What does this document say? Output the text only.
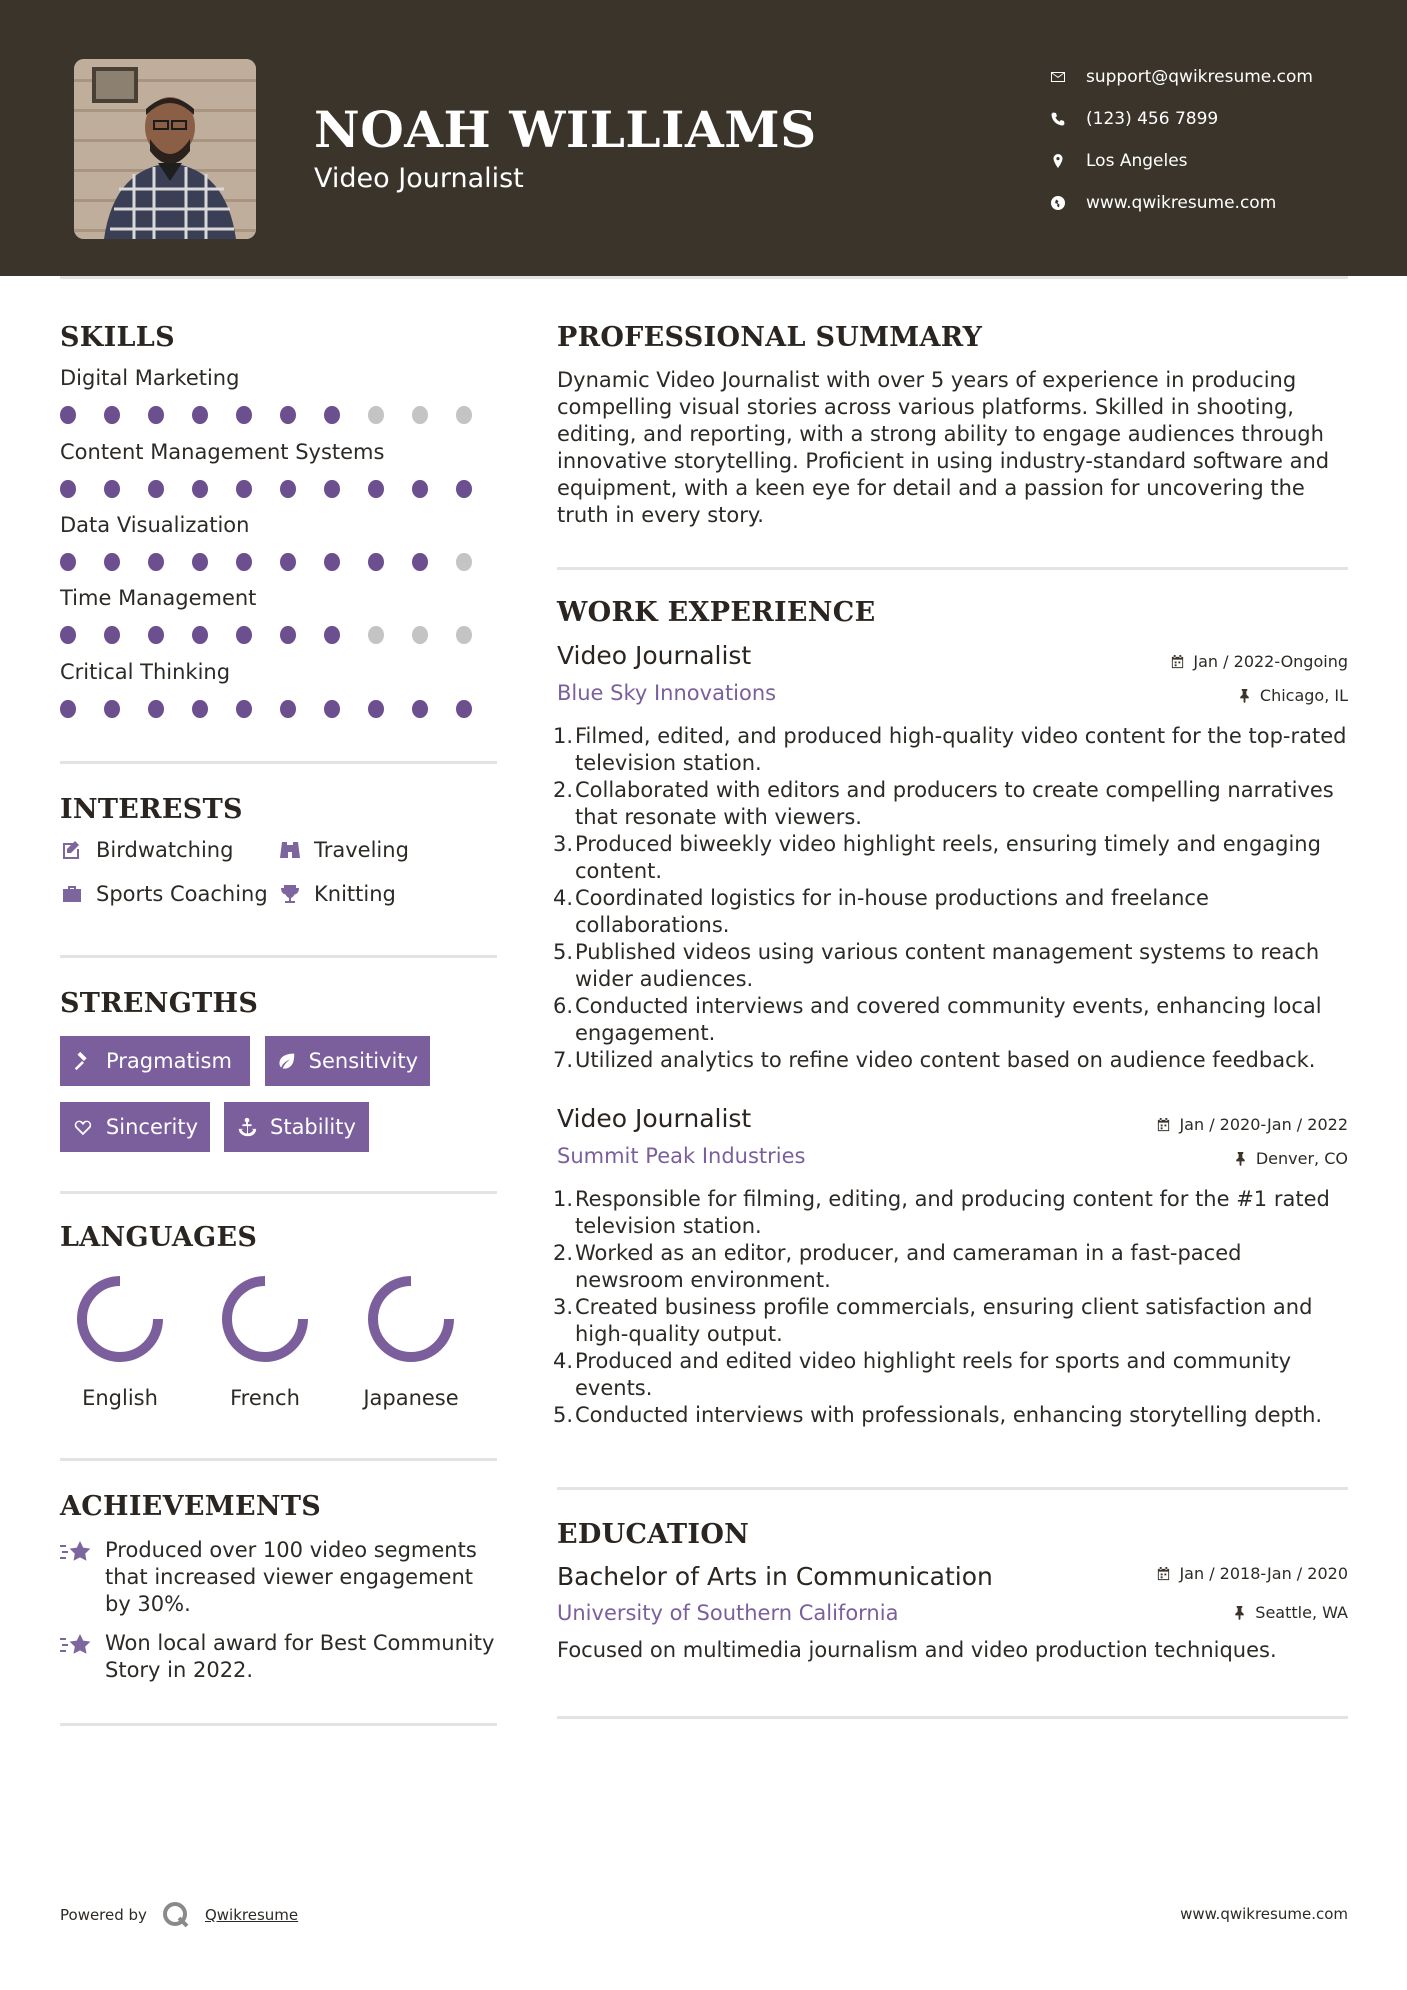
NOAH WILLIAMS
Video Journalist
support@qwikresume.com
(123) 456 7899
Los Angeles
www.qwikresume.com
SKILLS
Digital Marketing
Content Management Systems
Data Visualization
Time Management
Critical Thinking
INTERESTS
Birdwatching	Traveling
Sports Coaching Knitting
STRENGTHS
Pragmatism	Sensitivity
Sincerity	Stability
LANGUAGES
English	French	Japanese
ACHIEVEMENTS
Produced over 100 video segments that increased viewer engagement by 30%.
Won local award for Best Community Story in 2022.
PROFESSIONAL SUMMARY
Dynamic Video Journalist with over 5 years of experience in producing compelling visual stories across various platforms. Skilled in shooting, editing, and reporting, with a strong ability to engage audiences through innovative storytelling. Proficient in using industry-standard software and equipment, with a keen eye for detail and a passion for uncovering the truth in every story.
WORK EXPERIENCE
Video Journalist	Jan / 2022-Ongoing
Blue Sky Innovations	Chicago, IL
1. Filmed, edited, and produced high-quality video content for the top-rated television station.
2. Collaborated with editors and producers to create compelling narratives that resonate with viewers.
3. Produced biweekly video highlight reels, ensuring timely and engaging content.
4. Coordinated logistics for in-house productions and freelance collaborations.
5. Published videos using various content management systems to reach wider audiences.
6. Conducted interviews and covered community events, enhancing local engagement.
7. Utilized analytics to refine video content based on audience feedback.
Video Journalist	Jan / 2020-Jan / 2022
Summit Peak Industries	Denver, CO
1. Responsible for filming, editing, and producing content for the #1 rated television station.
2. Worked as an editor, producer, and cameraman in a fast-paced newsroom environment.
3. Created business profile commercials, ensuring client satisfaction and high-quality output.
4. Produced and edited video highlight reels for sports and community events.
5. Conducted interviews with professionals, enhancing storytelling depth.
EDUCATION
Bachelor of Arts in Communication	Jan / 2018-Jan / 2020
University of Southern California	Seattle, WA
Focused on multimedia journalism and video production techniques.
Powered by	Qwikresume	www.qwikresume.com
